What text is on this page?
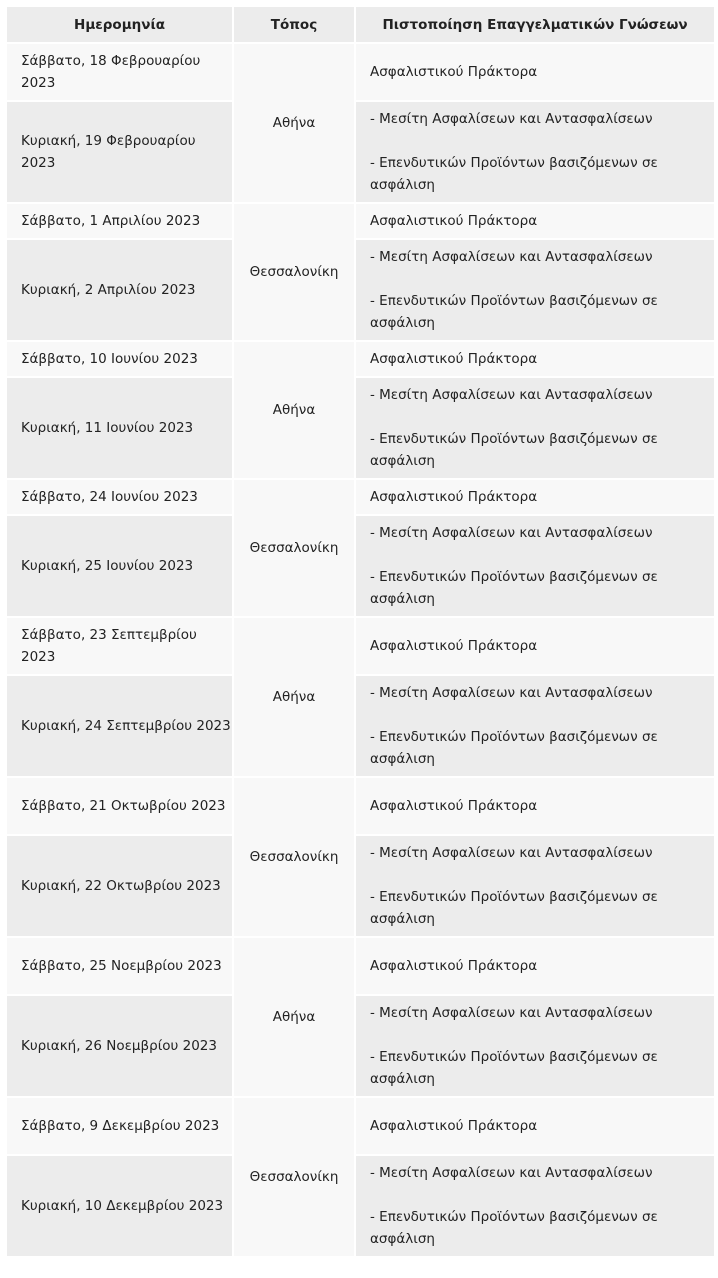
Ημερομηνία	Τόπος	Πιστοποίηση Επαγγελματικών Γνώσεων
Σάββατο, 18 Φεβρουαρίου 2023	Αθήνα	Ασφαλιστικού Πράκτορα
Κυριακή, 19 Φεβρουαρίου 2023		- Μεσίτη Ασφαλίσεων και Αντασφαλίσεων
- Επενδυτικών Προϊόντων βασιζόμενων σε ασφάλιση
Σάββατο, 1 Απριλίου 2023	Θεσσαλονίκη	Ασφαλιστικού Πράκτορα
Κυριακή, 2 Απριλίου 2023		- Μεσίτη Ασφαλίσεων και Αντασφαλίσεων
- Επενδυτικών Προϊόντων βασιζόμενων σε ασφάλιση
Σάββατο, 10 Ιουνίου 2023	Αθήνα	Ασφαλιστικού Πράκτορα
Κυριακή, 11 Ιουνίου 2023		- Μεσίτη Ασφαλίσεων και Αντασφαλίσεων
- Επενδυτικών Προϊόντων βασιζόμενων σε ασφάλιση
Σάββατο, 24 Ιουνίου 2023	Θεσσαλονίκη	Ασφαλιστικού Πράκτορα
Κυριακή, 25 Ιουνίου 2023		- Μεσίτη Ασφαλίσεων και Αντασφαλίσεων
- Επενδυτικών Προϊόντων βασιζόμενων σε ασφάλιση
Σάββατο, 23 Σεπτεμβρίου 2023	Αθήνα	Ασφαλιστικού Πράκτορα
Κυριακή, 24 Σεπτεμβρίου 2023		- Μεσίτη Ασφαλίσεων και Αντασφαλίσεων
- Επενδυτικών Προϊόντων βασιζόμενων σε ασφάλιση
Σάββατο, 21 Οκτωβρίου 2023	Θεσσαλονίκη	Ασφαλιστικού Πράκτορα
Κυριακή, 22 Οκτωβρίου 2023		- Μεσίτη Ασφαλίσεων και Αντασφαλίσεων
- Επενδυτικών Προϊόντων βασιζόμενων σε ασφάλιση
Σάββατο, 25 Νοεμβρίου 2023	Αθήνα	Ασφαλιστικού Πράκτορα
Κυριακή, 26 Νοεμβρίου 2023		- Μεσίτη Ασφαλίσεων και Αντασφαλίσεων
- Επενδυτικών Προϊόντων βασιζόμενων σε ασφάλιση
Σάββατο, 9 Δεκεμβρίου 2023	Θεσσαλονίκη	Ασφαλιστικού Πράκτορα
Κυριακή, 10 Δεκεμβρίου 2023		- Μεσίτη Ασφαλίσεων και Αντασφαλίσεων
- Επενδυτικών Προϊόντων βασιζόμενων σε ασφάλιση
